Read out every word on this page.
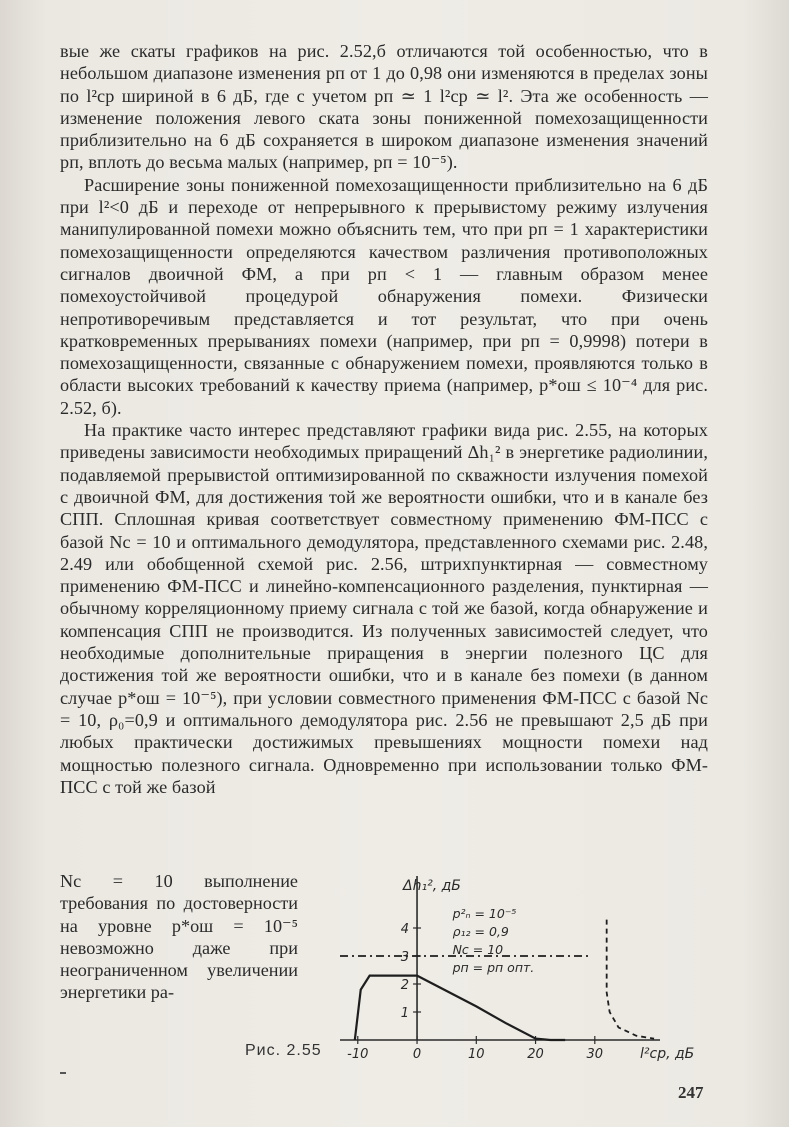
вые же скаты графиков на рис. 2.52,б отличаются той особенностью, что в небольшом диапазоне изменения pп от 1 до 0,98 они изменяются в пределах зоны по l²ср шириной в 6 дБ, где с учетом pп ≃ 1 l²ср ≃ l². Эта же особенность — изменение положения левого ската зоны пониженной помехозащищенности приблизительно на 6 дБ сохраняется в широком диапазоне изменения значений pп, вплоть до весьма малых (например, pп = 10⁻⁵).

Расширение зоны пониженной помехозащищенности приблизительно на 6 дБ при l²<0 дБ и переходе от непрерывного к прерывистому режиму излучения манипулированной помехи можно объяснить тем, что при pп = 1 характеристики помехозащищенности определяются качеством различения противоположных сигналов двоичной ФМ, а при pп < 1 — главным образом менее помехоустойчивой процедурой обнаружения помехи. Физически непротиворечивым представляется и тот результат, что при очень кратковременных прерываниях помехи (например, при pп = 0,9998) потери в помехозащищенности, связанные с обнаружением помехи, проявляются только в области высоких требований к качеству приема (например, p*ош ≤ 10⁻⁴ для рис. 2.52, б).

На практике часто интерес представляют графики вида рис. 2.55, на которых приведены зависимости необходимых приращений Δh₁² в энергетике радиолинии, подавляемой прерывистой оптимизированной по скважности излучения помехой с двоичной ФМ, для достижения той же вероятности ошибки, что и в канале без СПП. Сплошная кривая соответствует совместному применению ФМ-ПСС с базой Nс = 10 и оптимального демодулятора, представленного схемами рис. 2.48, 2.49 или обобщенной схемой рис. 2.56, штрихпунктирная — совместному применению ФМ-ПСС и линейно-компенсационного разделения, пунктирная — обычному корреляционному приему сигнала с той же базой, когда обнаружение и компенсация СПП не производится. Из полученных зависимостей следует, что необходимые дополнительные приращения в энергии полезного ЦС для достижения той же вероятности ошибки, что и в канале без помехи (в данном случае p*ош = 10⁻⁵), при условии совместного применения ФМ-ПСС с базой Nс = 10, ρ₀=0,9 и оптимального демодулятора рис. 2.56 не превышают 2,5 дБ при любых практически достижимых превышениях мощности помехи над мощностью полезного сигнала. Одновременно при использовании только ФМ-ПСС с той же базой

Nс = 10 выполнение требования по достоверности на уровне p*ош = 10⁻⁵ невозможно даже при неограниченном увеличении энергетики ра-
-10	0	10	20	30
1
2
3
4
Δh₁², дБ
l²ср, дБ
p²ₙ = 10⁻⁵
ρ₁₂ = 0,9
Nс = 10
pп = pп опт.
Рис. 2.55
247
